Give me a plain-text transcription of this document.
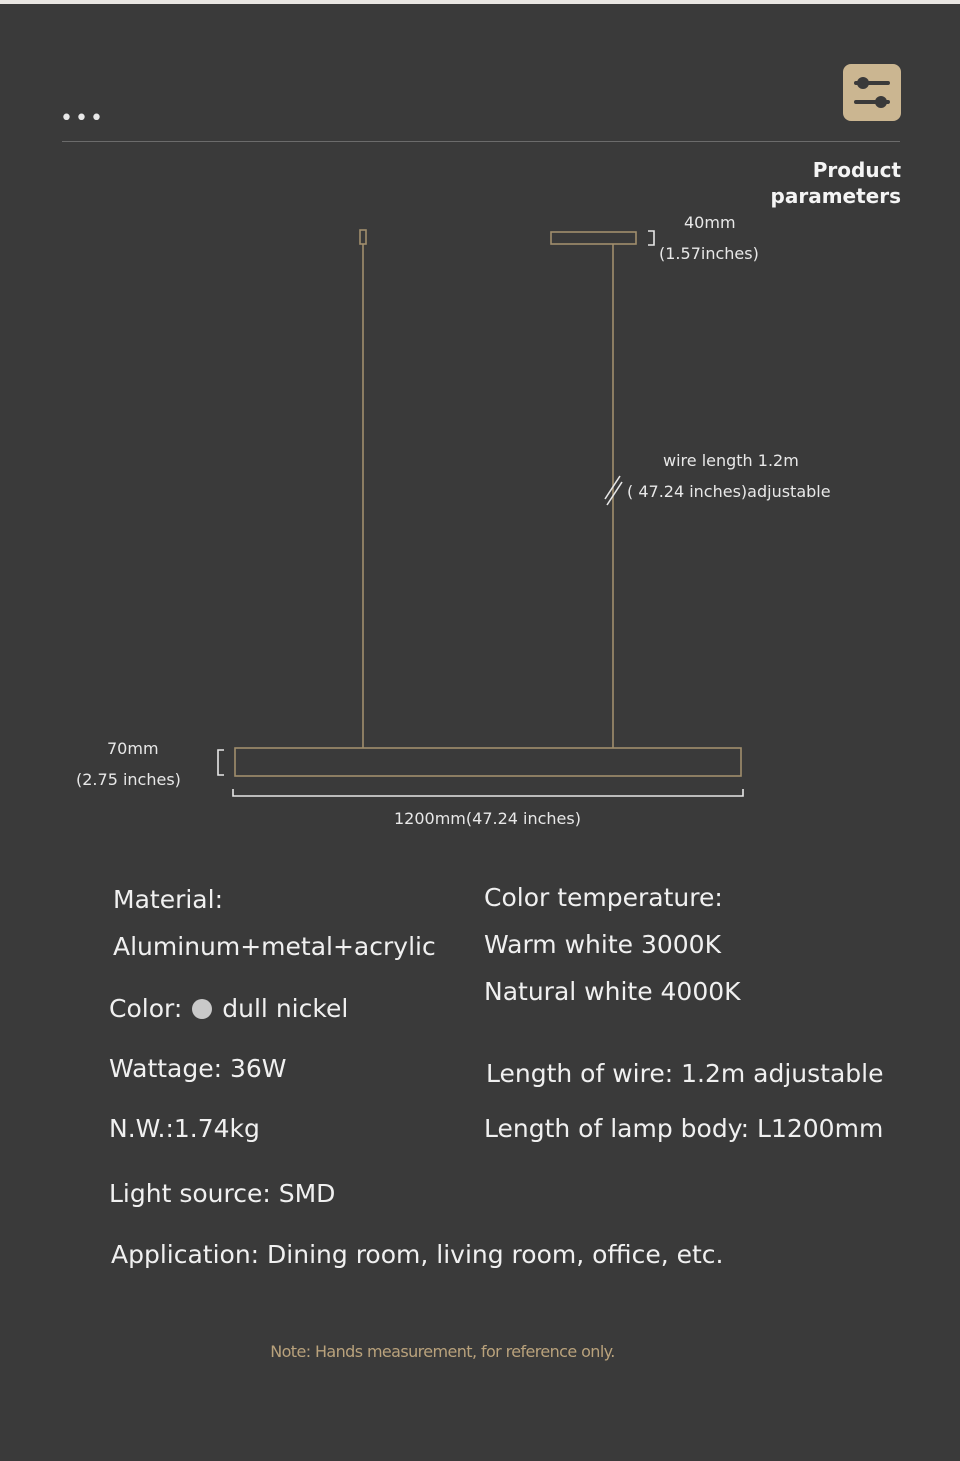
•••
Product
parameters
40mm
(1.57inches)
wire length 1.2m
( 47.24 inches)adjustable
70mm
(2.75 inches)
1200mm(47.24 inches)
Material:
Aluminum+metal+acrylic
Color: dull nickel
Wattage: 36W
N.W.:1.74kg
Light source: SMD
Application: Dining room, living room, office, etc.
Color temperature:
Warm white 3000K
Natural white 4000K
Length of wire: 1.2m adjustable
Length of lamp body: L1200mm
Note: Hands measurement, for reference only.
